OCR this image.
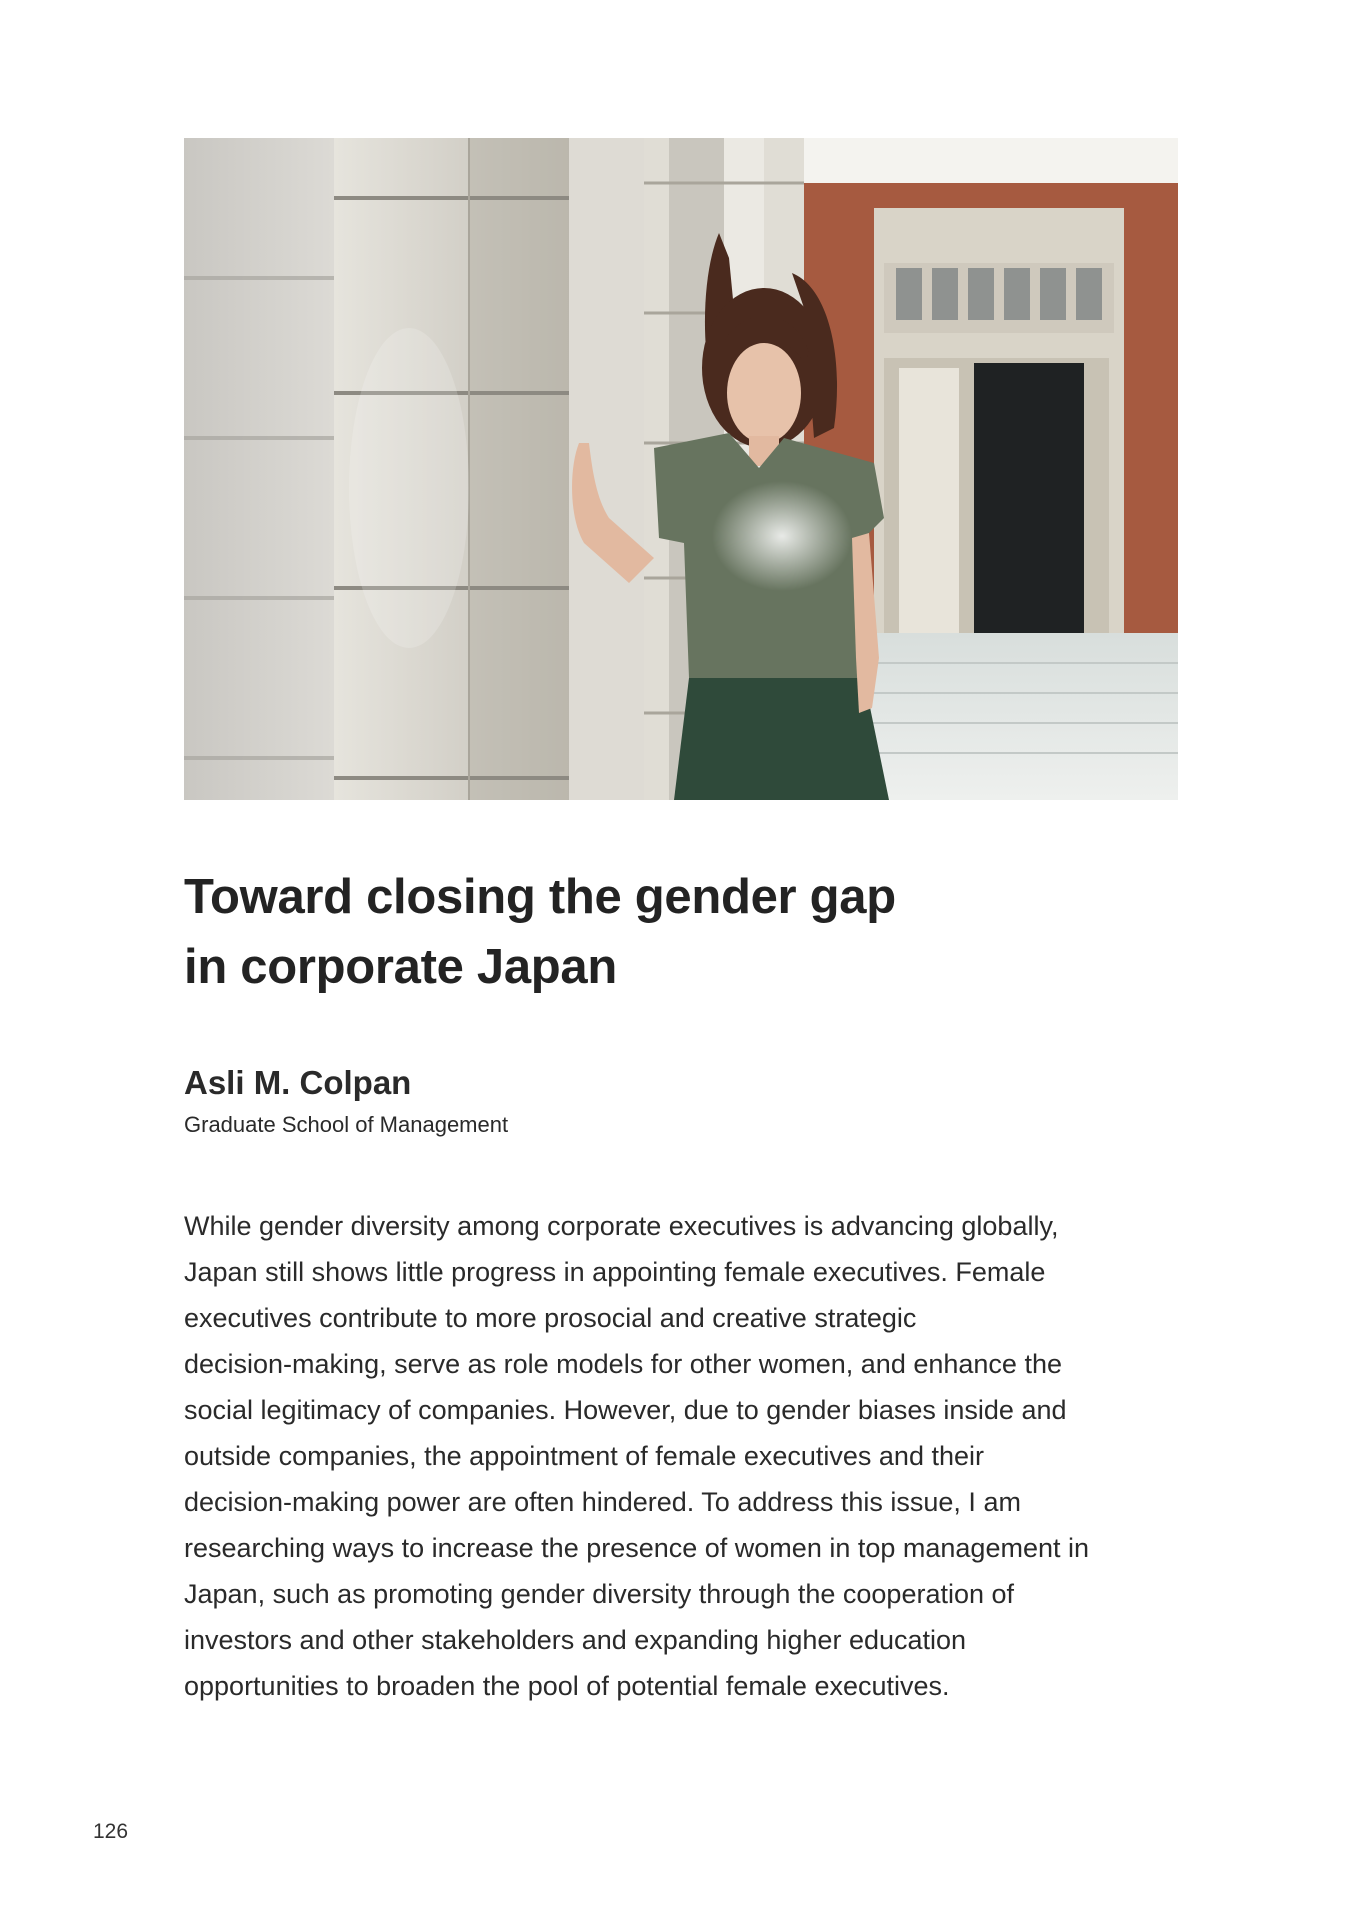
Toward closing the gender gap
in corporate Japan

Asli M. Colpan

Graduate School of Management

While gender diversity among corporate executives is advancing globally,
Japan still shows little progress in appointing female executives. Female
executives contribute to more prosocial and creative strategic
decision-making, serve as role models for other women, and enhance the
social legitimacy of companies. However, due to gender biases inside and
outside companies, the appointment of female executives and their
decision-making power are often hindered. To address this issue, I am
researching ways to increase the presence of women in top management in
Japan, such as promoting gender diversity through the cooperation of
investors and other stakeholders and expanding higher education
opportunities to broaden the pool of potential female executives.

126
